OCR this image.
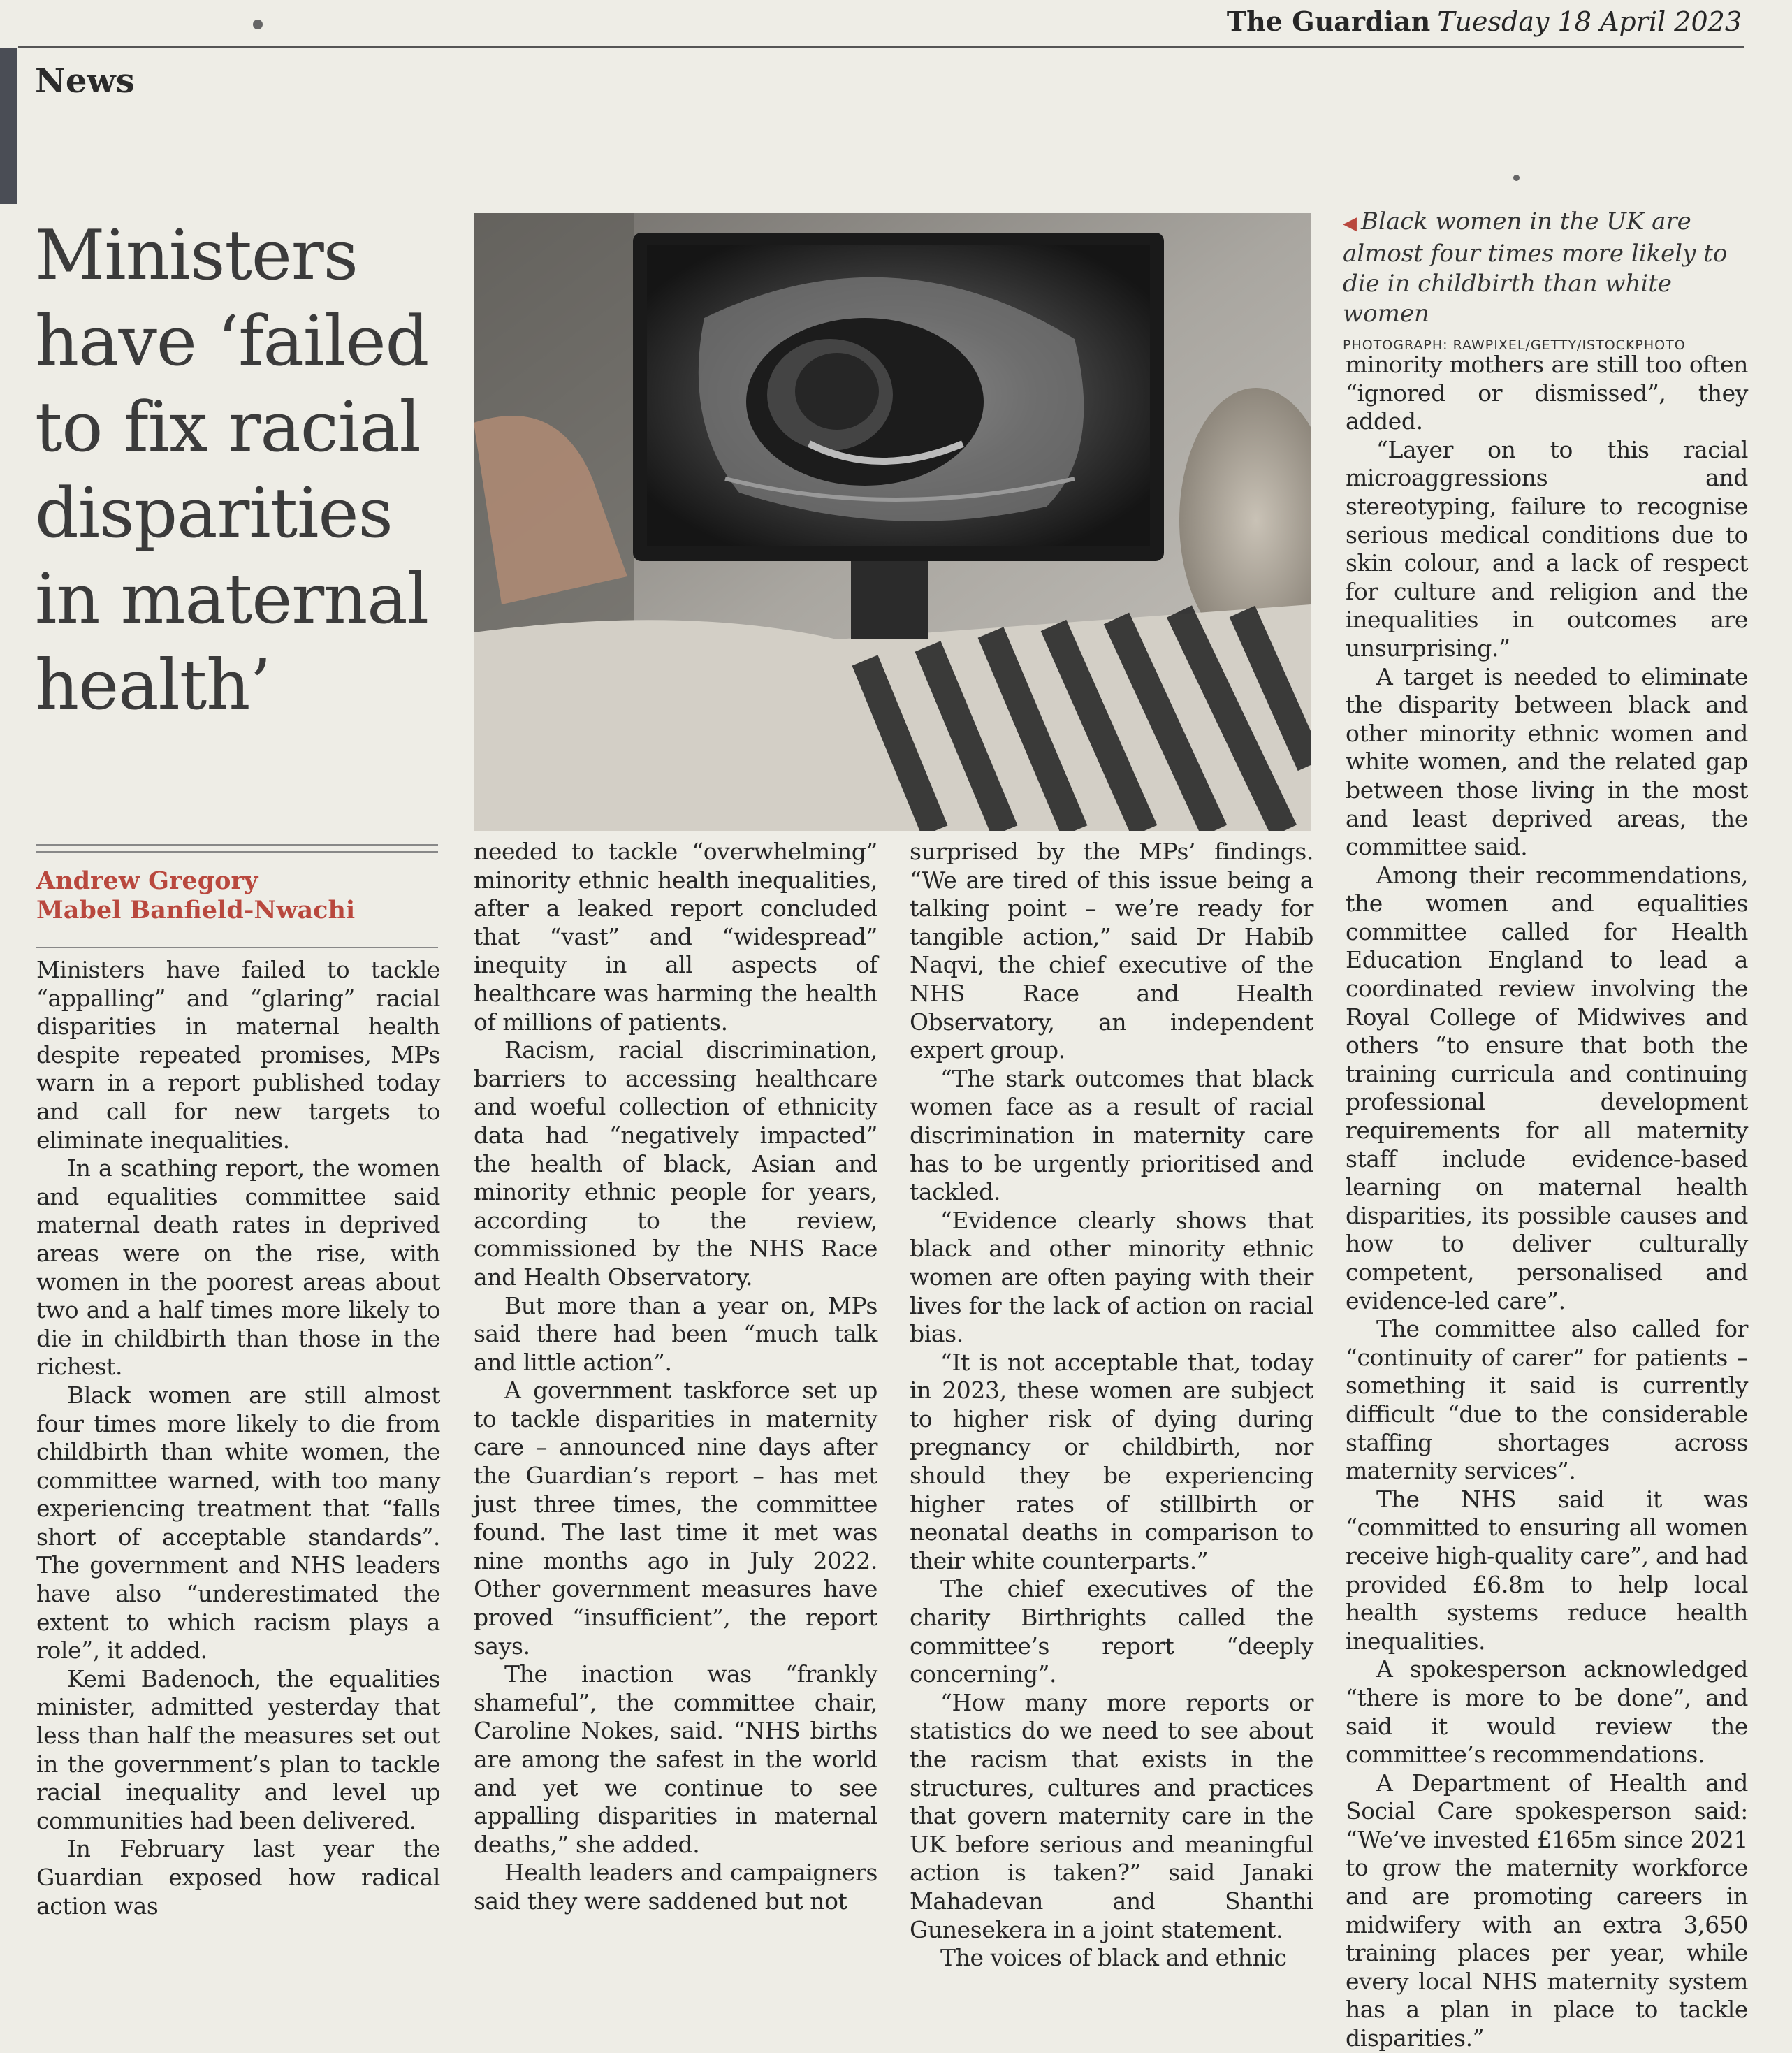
The Guardian Tuesday 18 April 2023
News
Ministers have ‘failed to fix racial disparities in maternal health’
Andrew Gregory
Mabel Banfield-Nwachi
◀ Black women in the UK are almost four times more likely to die in childbirth than white women
PHOTOGRAPH: RAWPIXEL/GETTY/ISTOCKPHOTO

Ministers have failed to tackle “appalling” and “glaring” racial disparities in maternal health despite repeated promises, MPs warn in a report published today and call for new targets to eliminate inequalities.

In a scathing report, the women and equalities committee said maternal death rates in deprived areas were on the rise, with women in the poorest areas about two and a half times more likely to die in childbirth than those in the richest.

Black women are still almost four times more likely to die from childbirth than white women, the committee warned, with too many experiencing treatment that “falls short of acceptable standards”. The government and NHS leaders have also “underestimated the extent to which racism plays a role”, it added.

Kemi Badenoch, the equalities minister, admitted yesterday that less than half the measures set out in the government’s plan to tackle racial inequality and level up communities had been delivered.

In February last year the Guardian exposed how radical action was

needed to tackle “overwhelming” minority ethnic health inequalities, after a leaked report concluded that “vast” and “widespread” inequity in all aspects of healthcare was harming the health of millions of patients.

Racism, racial discrimination, barriers to accessing healthcare and woeful collection of ethnicity data had “negatively impacted” the health of black, Asian and minority ethnic people for years, according to the review, commissioned by the NHS Race and Health Observatory.

But more than a year on, MPs said there had been “much talk and little action”.

A government taskforce set up to tackle disparities in maternity care – announced nine days after the Guardian’s report – has met just three times, the committee found. The last time it met was nine months ago in July 2022. Other government measures have proved “insufficient”, the report says.

The inaction was “frankly shameful”, the committee chair, Caroline Nokes, said. “NHS births are among the safest in the world and yet we continue to see appalling disparities in maternal deaths,” she added.

Health leaders and campaigners said they were saddened but not

surprised by the MPs’ findings. “We are tired of this issue being a talking point – we’re ready for tangible action,” said Dr Habib Naqvi, the chief executive of the NHS Race and Health Observatory, an independent expert group.

“The stark outcomes that black women face as a result of racial discrimination in maternity care has to be urgently prioritised and tackled.

“Evidence clearly shows that black and other minority ethnic women are often paying with their lives for the lack of action on racial bias.

“It is not acceptable that, today in 2023, these women are subject to higher risk of dying during pregnancy or childbirth, nor should they be experiencing higher rates of stillbirth or neonatal deaths in comparison to their white counterparts.”

The chief executives of the charity Birthrights called the committee’s report “deeply concerning”.

“How many more reports or statistics do we need to see about the racism that exists in the structures, cultures and practices that govern maternity care in the UK before serious and meaningful action is taken?” said Janaki Mahadevan and Shanthi Gunesekera in a joint statement.

The voices of black and ethnic

minority mothers are still too often “ignored or dismissed”, they added.

“Layer on to this racial microaggressions and stereotyping, failure to recognise serious medical conditions due to skin colour, and a lack of respect for culture and religion and the inequalities in outcomes are unsurprising.”

A target is needed to eliminate the disparity between black and other minority ethnic women and white women, and the related gap between those living in the most and least deprived areas, the committee said.

Among their recommendations, the women and equalities committee called for Health Education England to lead a coordinated review involving the Royal College of Midwives and others “to ensure that both the training curricula and continuing professional development requirements for all maternity staff include evidence-based learning on maternal health disparities, its possible causes and how to deliver culturally competent, personalised and evidence-led care”.

The committee also called for “continuity of carer” for patients – something it said is currently difficult “due to the considerable staffing shortages across maternity services”.

The NHS said it was “committed to ensuring all women receive high-quality care”, and had provided £6.8m to help local health systems reduce health inequalities.

A spokesperson acknowledged “there is more to be done”, and said it would review the committee’s recommendations.

A Department of Health and Social Care spokesperson said: “We’ve invested £165m since 2021 to grow the maternity workforce and are promoting careers in midwifery with an extra 3,650 training places per year, while every local NHS maternity system has a plan in place to tackle disparities.”
